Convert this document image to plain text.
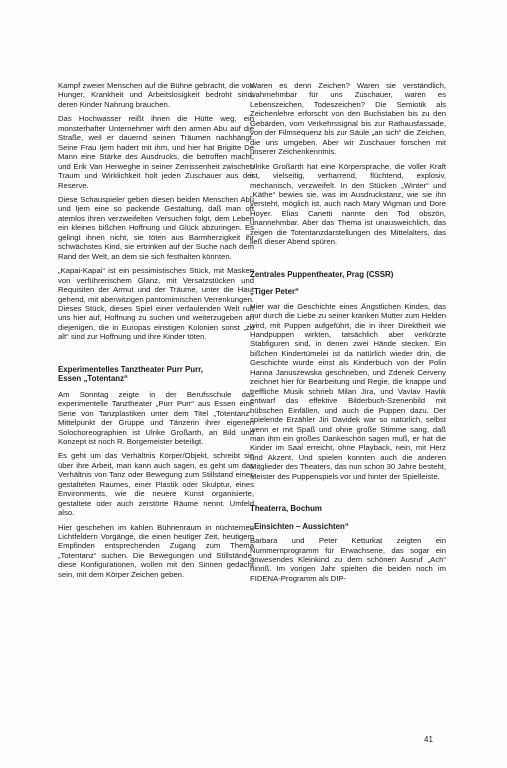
Kampf zweier Menschen auf die Bühne gebracht, die von Hunger, Krankheit und Arbeitslosigkeit bedroht sind, deren Kinder Nahrung brauchen.

Das Hochwasser reißt ihnen die Hütte weg, ein monsterhafter Unternehmer wirft den armen Abu auf die Straße, weil er dauernd seinen Träumen nachhängt. Seine Frau Ijem hadert mit ihm, und hier hat Brigitte De Mann eine Stärke des Ausdrucks, die betroffen macht, und Erik Van Herweghe in seiner Zerrissenheit zwischen Traum und Wirklichkeit holt jeden Zuschauer aus der Reserve.

Diese Schauspieler geben diesen beiden Menschen Abu und Ijem eine so packende Gestaltung, daß man oft atemlos ihren verzweifelten Versuchen folgt, dem Leben ein kleines bißchen Hoffnung und Glück abzuringen. Es gelingt ihnen nicht, sie töten aus Barmherzigkeit ihr schwächstes Kind, sie ertrinken auf der Suche nach dem Rand der Welt, an dem sie sich festhalten könnten.

„Kapai-Kapai“ ist ein pessimistisches Stück, mit Masken von verführerischem Glanz, mit Versatzstücken und Requisiten der Armut und der Träume, unter die Haut gehend, mit aberwitzigen pantomimischen Verrenkungen. Dieses Stück, dieses Spiel einer verfaulenden Welt ruft uns hier auf, Hoffnung zu suchen und weiterzugeben an diejenigen, die in Europas einstigen Kolonien sonst „zu alt“ sind zur Hoffnung und ihre Kinder töten.

Experimentelles Tanztheater Purr Purr,

Essen „Totentanz“

Am Sonntag zeigte in der Berufsschule das experimentelle Tanztheater „Purr Purr“ aus Essen eine Serie von Tanzplastiken unter dem Titel „Totentanz“. Mittelpunkt der Gruppe und Tänzerin ihrer eigenen Solochoreographien ist Ulrike Großarth, an Bild und Konzept ist noch R. Borgemeister beteiligt.

Es geht um das Verhältnis Körper/Objekt, schreibt sie über ihre Arbeit, man kann auch sagen, es geht um das Verhältnis von Tanz oder Bewegung zum Stillstand eines gestalteten Raumes, einer Plastik oder Skulptur, eines Environments, wie die neuere Kunst organisierte, gestaltete oder auch zerstörte Räume nennt. Umfeld also.

Hier geschehen im kahlen Bühnenraum in nüchternen Lichtfeldern Vorgänge, die einen heutiger Zeit, heutigem Empfinden entsprechenden Zugang zum Thema „Totentanz“ suchen. Die Bewegungen und Stillstände, diese Konfigurationen, wollen mit den Sinnen gedacht sein, mit dem Körper Zeichen geben.

Waren es denn Zeichen? Waren sie verständlich, wahrnehmbar für uns Zuschauer, waren es Lebenszeichen, Todeszeichen? Die Semiotik als Zeichenlehre erforscht von den Buchstaben bis zu den Gebärden, vom Verkehrssignal bis zur Rathausfassade, von der Filmsequenz bis zur Säule „an sich“ die Zeichen, die uns umgeben. Aber wir Zuschauer forschen mit unserer Zeichenkenntnis.

Ulrike Großarth hat eine Körpersprache, die voller Kraft ist, vielseitig, verharrend, flüchtend, explosiv, mechanisch, verzweifelt. In den Stücken „Winter“ und „Käthe“ bewies sie, was im Ausdruckstanz, wie sie ihn versteht, möglich ist, auch nach Mary Wigman und Dore Hoyer. Elias Canetti nannte den Tod obszön, unannehmbar. Aber das Thema ist unausweichlich, das zeigen die Totentanzdarstellungen des Mittelalters, das ließ dieser Abend spüren.

Zentrales Puppentheater, Prag (CSSR)

„Tiger Peter“

Hier war die Geschichte eines Ängstlichen Kindes, das nur durch die Liebe zu seiner kranken Mutter zum Helden wird, mit Puppen aufgeführt, die in ihrer Direktheit wie Handpuppen wirkten, tatsächlich aber verkürzte Stabfiguren sind, in denen zwei Hände stecken. Ein bißchen Kindertümelei ist da natürlich wieder drin, die Geschichte wurde einst als Kinderbuch von der Polin Hanna Januszewska geschrieben, und Zdenek Cerveny zeichnet hier für Bearbeitung und Regie, die knappe und treffliche Musik schrieb Milan Jira, und Vavlav Havlik entwarf das effektive Bilderbuch-Szenenbild mit hübschen Einfällen, und auch die Puppen dazu. Der spielende Erzähler Jiri Davidek war so natürlich, selbst wenn er mit Spaß und ohne große Stimme sang, daß man ihm ein großes Dankeschön sagen muß, er hat die Kinder im Saal erreicht, ohne Playback, nein, mit Herz und Akzent. Und spielen konnten auch die anderen Mitglieder des Theaters, das nun schon 30 Jahre besteht, Meister des Puppenspiels vor und hinter der Spielleiste.

Theaterra, Bochum

„Einsichten – Aussichten“

Barbara und Peter Ketturkat zeigten ein Nummernprogramm für Erwachsene, das sogar ein anwesendes Kleinkind zu dem schönen Ausruf „Ach“ hinriß. Im vorigen Jahr spielten die beiden noch im FIDENA-Programm als DIP-

41
